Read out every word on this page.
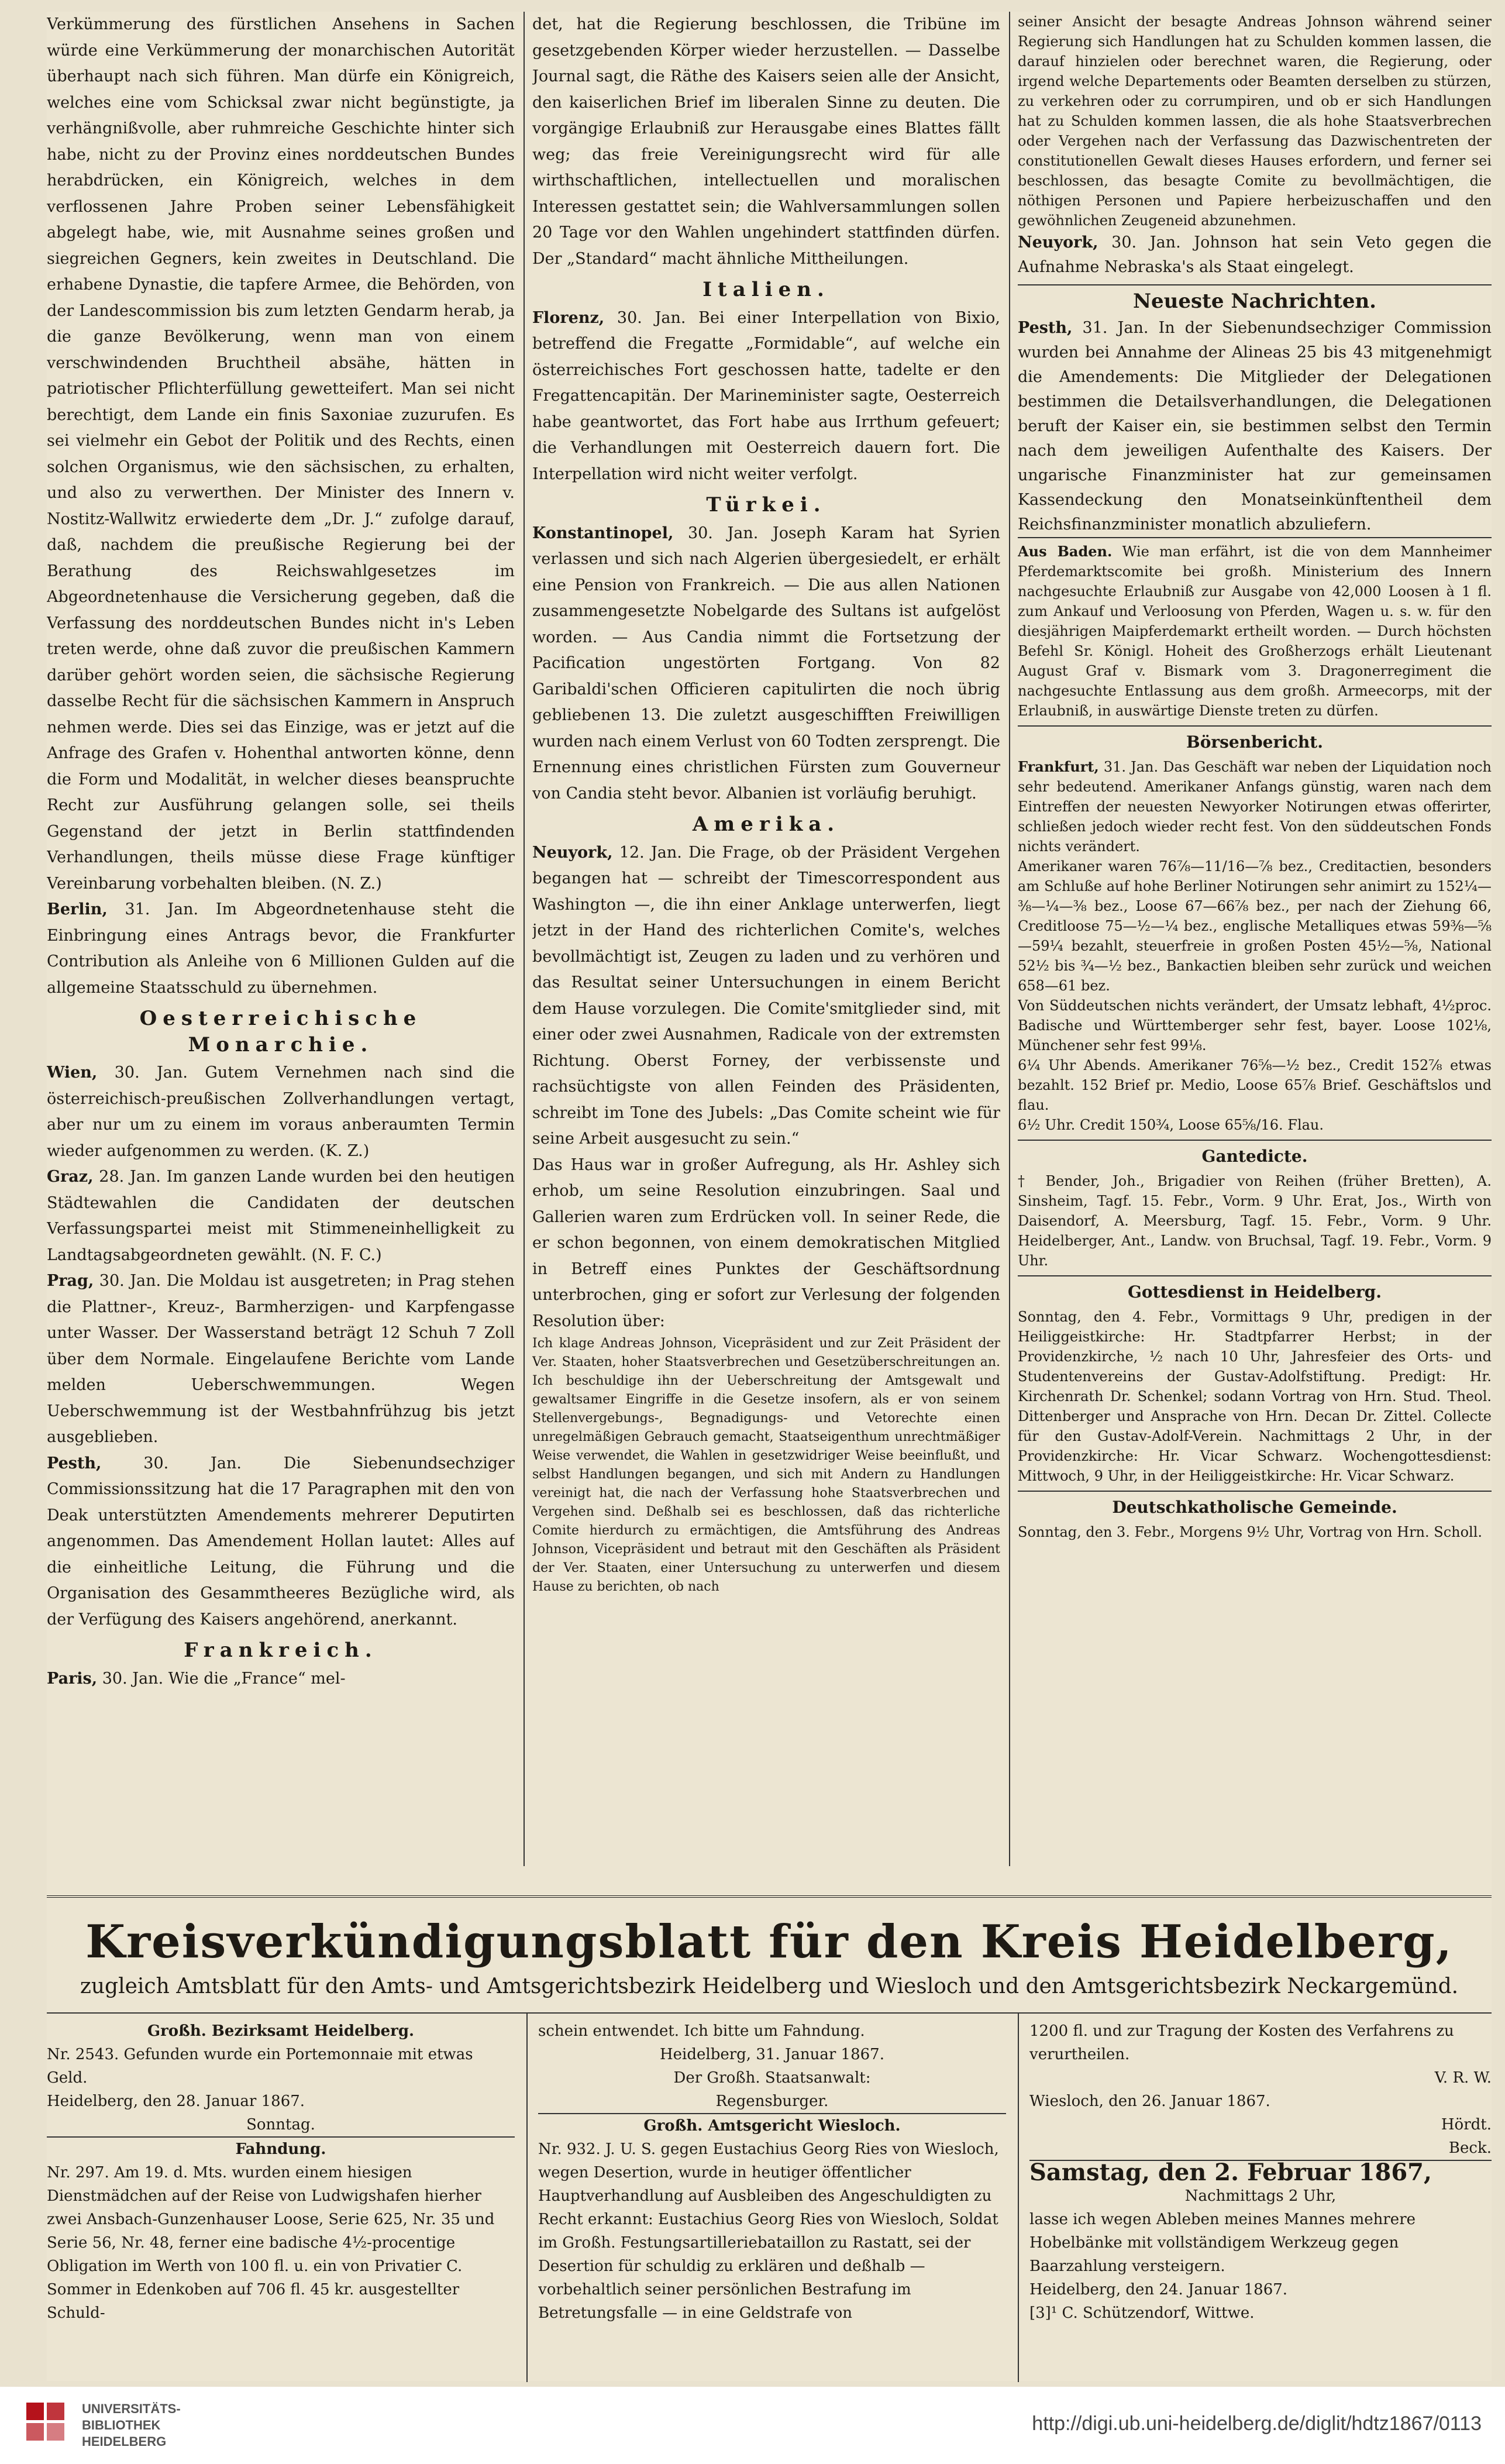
Verkümmerung des fürstlichen Ansehens in Sachen würde eine Verkümmerung der monarchischen Autorität überhaupt nach sich führen. Man dürfe ein Königreich, welches eine vom Schicksal zwar nicht begünstigte, ja verhängnißvolle, aber ruhmreiche Geschichte hinter sich habe, nicht zu der Provinz eines norddeutschen Bundes herabdrücken, ein Königreich, welches in dem verflossenen Jahre Proben seiner Lebensfähigkeit abgelegt habe, wie, mit Ausnahme seines großen und siegreichen Gegners, kein zweites in Deutschland. Die erhabene Dynastie, die tapfere Armee, die Behörden, von der Landescommission bis zum letzten Gendarm herab, ja die ganze Bevölkerung, wenn man von einem verschwindenden Bruchtheil absähe, hätten in patriotischer Pflichterfüllung gewetteifert. Man sei nicht berechtigt, dem Lande ein finis Saxoniae zuzurufen. Es sei vielmehr ein Gebot der Politik und des Rechts, einen solchen Organismus, wie den sächsischen, zu erhalten, und also zu verwerthen. Der Minister des Innern v. Nostitz-Wallwitz erwiederte dem „Dr. J.“ zufolge darauf, daß, nachdem die preußische Regierung bei der Berathung des Reichswahlgesetzes im Abgeordnetenhause die Versicherung gegeben, daß die Verfassung des norddeutschen Bundes nicht in's Leben treten werde, ohne daß zuvor die preußischen Kammern darüber gehört worden seien, die sächsische Regierung dasselbe Recht für die sächsischen Kammern in Anspruch nehmen werde. Dies sei das Einzige, was er jetzt auf die Anfrage des Grafen v. Hohenthal antworten könne, denn die Form und Modalität, in welcher dieses beanspruchte Recht zur Ausführung gelangen solle, sei theils Gegenstand der jetzt in Berlin stattfindenden Verhandlungen, theils müsse diese Frage künftiger Vereinbarung vorbehalten bleiben. (N. Z.)

Berlin, 31. Jan. Im Abgeordnetenhause steht die Einbringung eines Antrags bevor, die Frankfurter Contribution als Anleihe von 6 Millionen Gulden auf die allgemeine Staatsschuld zu übernehmen.

Oesterreichische Monarchie.

Wien, 30. Jan. Gutem Vernehmen nach sind die österreichisch-preußischen Zollverhandlungen vertagt, aber nur um zu einem im voraus anberaumten Termin wieder aufgenommen zu werden. (K. Z.)

Graz, 28. Jan. Im ganzen Lande wurden bei den heutigen Städtewahlen die Candidaten der deutschen Verfassungspartei meist mit Stimmeneinhelligkeit zu Landtagsabgeordneten gewählt. (N. F. C.)

Prag, 30. Jan. Die Moldau ist ausgetreten; in Prag stehen die Plattner-, Kreuz-, Barmherzigen- und Karpfengasse unter Wasser. Der Wasserstand beträgt 12 Schuh 7 Zoll über dem Normale. Eingelaufene Berichte vom Lande melden Ueberschwemmungen. Wegen Ueberschwemmung ist der Westbahnfrühzug bis jetzt ausgeblieben.

Pesth, 30. Jan. Die Siebenundsechziger Commissionssitzung hat die 17 Paragraphen mit den von Deak unterstützten Amendements mehrerer Deputirten angenommen. Das Amendement Hollan lautet: Alles auf die einheitliche Leitung, die Führung und die Organisation des Gesammtheeres Bezügliche wird, als der Verfügung des Kaisers angehörend, anerkannt.

Frankreich.

Paris, 30. Jan. Wie die „France“ mel-

det, hat die Regierung beschlossen, die Tribüne im gesetzgebenden Körper wieder herzustellen. — Dasselbe Journal sagt, die Räthe des Kaisers seien alle der Ansicht, den kaiserlichen Brief im liberalen Sinne zu deuten. Die vorgängige Erlaubniß zur Herausgabe eines Blattes fällt weg; das freie Vereinigungsrecht wird für alle wirthschaftlichen, intellectuellen und moralischen Interessen gestattet sein; die Wahlversammlungen sollen 20 Tage vor den Wahlen ungehindert stattfinden dürfen. Der „Standard“ macht ähnliche Mittheilungen.

Italien.

Florenz, 30. Jan. Bei einer Interpellation von Bixio, betreffend die Fregatte „Formidable“, auf welche ein österreichisches Fort geschossen hatte, tadelte er den Fregattencapitän. Der Marineminister sagte, Oesterreich habe geantwortet, das Fort habe aus Irrthum gefeuert; die Verhandlungen mit Oesterreich dauern fort. Die Interpellation wird nicht weiter verfolgt.

Türkei.

Konstantinopel, 30. Jan. Joseph Karam hat Syrien verlassen und sich nach Algerien übergesiedelt, er erhält eine Pension von Frankreich. — Die aus allen Nationen zusammengesetzte Nobelgarde des Sultans ist aufgelöst worden. — Aus Candia nimmt die Fortsetzung der Pacification ungestörten Fortgang. Von 82 Garibaldi'schen Officieren capitulirten die noch übrig gebliebenen 13. Die zuletzt ausgeschifften Freiwilligen wurden nach einem Verlust von 60 Todten zersprengt. Die Ernennung eines christlichen Fürsten zum Gouverneur von Candia steht bevor. Albanien ist vorläufig beruhigt.

Amerika.

Neuyork, 12. Jan. Die Frage, ob der Präsident Vergehen begangen hat — schreibt der Timescorrespondent aus Washington —, die ihn einer Anklage unterwerfen, liegt jetzt in der Hand des richterlichen Comite's, welches bevollmächtigt ist, Zeugen zu laden und zu verhören und das Resultat seiner Untersuchungen in einem Bericht dem Hause vorzulegen. Die Comite'smitglieder sind, mit einer oder zwei Ausnahmen, Radicale von der extremsten Richtung. Oberst Forney, der verbissenste und rachsüchtigste von allen Feinden des Präsidenten, schreibt im Tone des Jubels: „Das Comite scheint wie für seine Arbeit ausgesucht zu sein.“

Das Haus war in großer Aufregung, als Hr. Ashley sich erhob, um seine Resolution einzubringen. Saal und Gallerien waren zum Erdrücken voll. In seiner Rede, die er schon begonnen, von einem demokratischen Mitglied in Betreff eines Punktes der Geschäftsordnung unterbrochen, ging er sofort zur Verlesung der folgenden Resolution über:

Ich klage Andreas Johnson, Vicepräsident und zur Zeit Präsident der Ver. Staaten, hoher Staatsverbrechen und Gesetzüberschreitungen an. Ich beschuldige ihn der Ueberschreitung der Amtsgewalt und gewaltsamer Eingriffe in die Gesetze insofern, als er von seinem Stellenvergebungs-, Begnadigungs- und Vetorechte einen unregelmäßigen Gebrauch gemacht, Staatseigenthum unrechtmäßiger Weise verwendet, die Wahlen in gesetzwidriger Weise beeinflußt, und selbst Handlungen begangen, und sich mit Andern zu Handlungen vereinigt hat, die nach der Verfassung hohe Staatsverbrechen und Vergehen sind. Deßhalb sei es beschlossen, daß das richterliche Comite hierdurch zu ermächtigen, die Amtsführung des Andreas Johnson, Vicepräsident und betraut mit den Geschäften als Präsident der Ver. Staaten, einer Untersuchung zu unterwerfen und diesem Hause zu berichten, ob nach

seiner Ansicht der besagte Andreas Johnson während seiner Regierung sich Handlungen hat zu Schulden kommen lassen, die darauf hinzielen oder berechnet waren, die Regierung, oder irgend welche Departements oder Beamten derselben zu stürzen, zu verkehren oder zu corrumpiren, und ob er sich Handlungen hat zu Schulden kommen lassen, die als hohe Staatsverbrechen oder Vergehen nach der Verfassung das Dazwischentreten der constitutionellen Gewalt dieses Hauses erfordern, und ferner sei beschlossen, das besagte Comite zu bevollmächtigen, die nöthigen Personen und Papiere herbeizuschaffen und den gewöhnlichen Zeugeneid abzunehmen.

Neuyork, 30. Jan. Johnson hat sein Veto gegen die Aufnahme Nebraska's als Staat eingelegt.

Neueste Nachrichten.

Pesth, 31. Jan. In der Siebenundsechziger Commission wurden bei Annahme der Alineas 25 bis 43 mitgenehmigt die Amendements: Die Mitglieder der Delegationen bestimmen die Detailsverhandlungen, die Delegationen beruft der Kaiser ein, sie bestimmen selbst den Termin nach dem jeweiligen Aufenthalte des Kaisers. Der ungarische Finanzminister hat zur gemeinsamen Kassendeckung den Monatseinkünftentheil dem Reichsfinanzminister monatlich abzuliefern.

Aus Baden. Wie man erfährt, ist die von dem Mannheimer Pferdemarktscomite bei großh. Ministerium des Innern nachgesuchte Erlaubniß zur Ausgabe von 42,000 Loosen à 1 fl. zum Ankauf und Verloosung von Pferden, Wagen u. s. w. für den diesjährigen Maipferdemarkt ertheilt worden. — Durch höchsten Befehl Sr. Königl. Hoheit des Großherzogs erhält Lieutenant August Graf v. Bismark vom 3. Dragonerregiment die nachgesuchte Entlassung aus dem großh. Armeecorps, mit der Erlaubniß, in auswärtige Dienste treten zu dürfen.

Börsenbericht.

Frankfurt, 31. Jan. Das Geschäft war neben der Liquidation noch sehr bedeutend. Amerikaner Anfangs günstig, waren nach dem Eintreffen der neuesten Newyorker Notirungen etwas offerirter, schließen jedoch wieder recht fest. Von den süddeutschen Fonds nichts verändert.

Amerikaner waren 76⅞—11/16—⅞ bez., Creditactien, besonders am Schluße auf hohe Berliner Notirungen sehr animirt zu 152¼—⅜—¼—⅜ bez., Loose 67—66⅞ bez., per nach der Ziehung 66, Creditloose 75—½—¼ bez., englische Metalliques etwas 59⅜—⅝—59¼ bezahlt, steuerfreie in großen Posten 45½—⅝, National 52½ bis ¾—½ bez., Bankactien bleiben sehr zurück und weichen 658—61 bez.

Von Süddeutschen nichts verändert, der Umsatz lebhaft, 4½proc. Badische und Württemberger sehr fest, bayer. Loose 102⅛, Münchener sehr fest 99⅛.

6¼ Uhr Abends. Amerikaner 76⅝—½ bez., Credit 152⅞ etwas bezahlt. 152 Brief pr. Medio, Loose 65⅞ Brief. Geschäftslos und flau.

6½ Uhr. Credit 150¾, Loose 65⅝/16. Flau.

Gantedicte.

† Bender, Joh., Brigadier von Reihen (früher Bretten), A. Sinsheim, Tagf. 15. Febr., Vorm. 9 Uhr. Erat, Jos., Wirth von Daisendorf, A. Meersburg, Tagf. 15. Febr., Vorm. 9 Uhr. Heidelberger, Ant., Landw. von Bruchsal, Tagf. 19. Febr., Vorm. 9 Uhr.

Gottesdienst in Heidelberg.

Sonntag, den 4. Febr., Vormittags 9 Uhr, predigen in der Heiliggeistkirche: Hr. Stadtpfarrer Herbst; in der Providenzkirche, ½ nach 10 Uhr, Jahresfeier des Orts- und Studentenvereins der Gustav-Adolfstiftung. Predigt: Hr. Kirchenrath Dr. Schenkel; sodann Vortrag von Hrn. Stud. Theol. Dittenberger und Ansprache von Hrn. Decan Dr. Zittel. Collecte für den Gustav-Adolf-Verein. Nachmittags 2 Uhr, in der Providenzkirche: Hr. Vicar Schwarz. Wochengottesdienst: Mittwoch, 9 Uhr, in der Heiliggeistkirche: Hr. Vicar Schwarz.

Deutschkatholische Gemeinde.

Sonntag, den 3. Febr., Morgens 9½ Uhr, Vortrag von Hrn. Scholl.

Kreisverkündigungsblatt für den Kreis Heidelberg,
zugleich Amtsblatt für den Amts- und Amtsgerichtsbezirk Heidelberg und Wiesloch und den Amtsgerichtsbezirk Neckargemünd.

Großh. Bezirksamt Heidelberg.

Nr. 2543. Gefunden wurde ein Portemonnaie mit etwas Geld.

Heidelberg, den 28. Januar 1867.

Sonntag.

Fahndung.

Nr. 297. Am 19. d. Mts. wurden einem hiesigen Dienstmädchen auf der Reise von Ludwigshafen hierher zwei Ansbach-Gunzenhauser Loose, Serie 625, Nr. 35 und Serie 56, Nr. 48, ferner eine badische 4½-procentige Obligation im Werth von 100 fl. u. ein von Privatier C. Sommer in Edenkoben auf 706 fl. 45 kr. ausgestellter Schuld-

schein entwendet. Ich bitte um Fahndung.

Heidelberg, 31. Januar 1867.

Der Großh. Staatsanwalt:

Regensburger.

Großh. Amtsgericht Wiesloch.

Nr. 932. J. U. S. gegen Eustachius Georg Ries von Wiesloch, wegen Desertion, wurde in heutiger öffentlicher Hauptverhandlung auf Ausbleiben des Angeschuldigten zu Recht erkannt: Eustachius Georg Ries von Wiesloch, Soldat im Großh. Festungsartilleriebataillon zu Rastatt, sei der Desertion für schuldig zu erklären und deßhalb — vorbehaltlich seiner persönlichen Bestrafung im Betretungsfalle — in eine Geldstrafe von

1200 fl. und zur Tragung der Kosten des Verfahrens zu verurtheilen.

V. R. W.

Wiesloch, den 26. Januar 1867.

Hördt.

Beck.

Samstag, den 2. Februar 1867,

Nachmittags 2 Uhr,

lasse ich wegen Ableben meines Mannes mehrere Hobelbänke mit vollständigem Werkzeug gegen Baarzahlung versteigern.

Heidelberg, den 24. Januar 1867.

[3]¹ C. Schützendorf, Wittwe.

UNIVERSITÄTS-
BIBLIOTHEK
HEIDELBERG
http://digi.ub.uni-heidelberg.de/diglit/hdtz1867/0113
